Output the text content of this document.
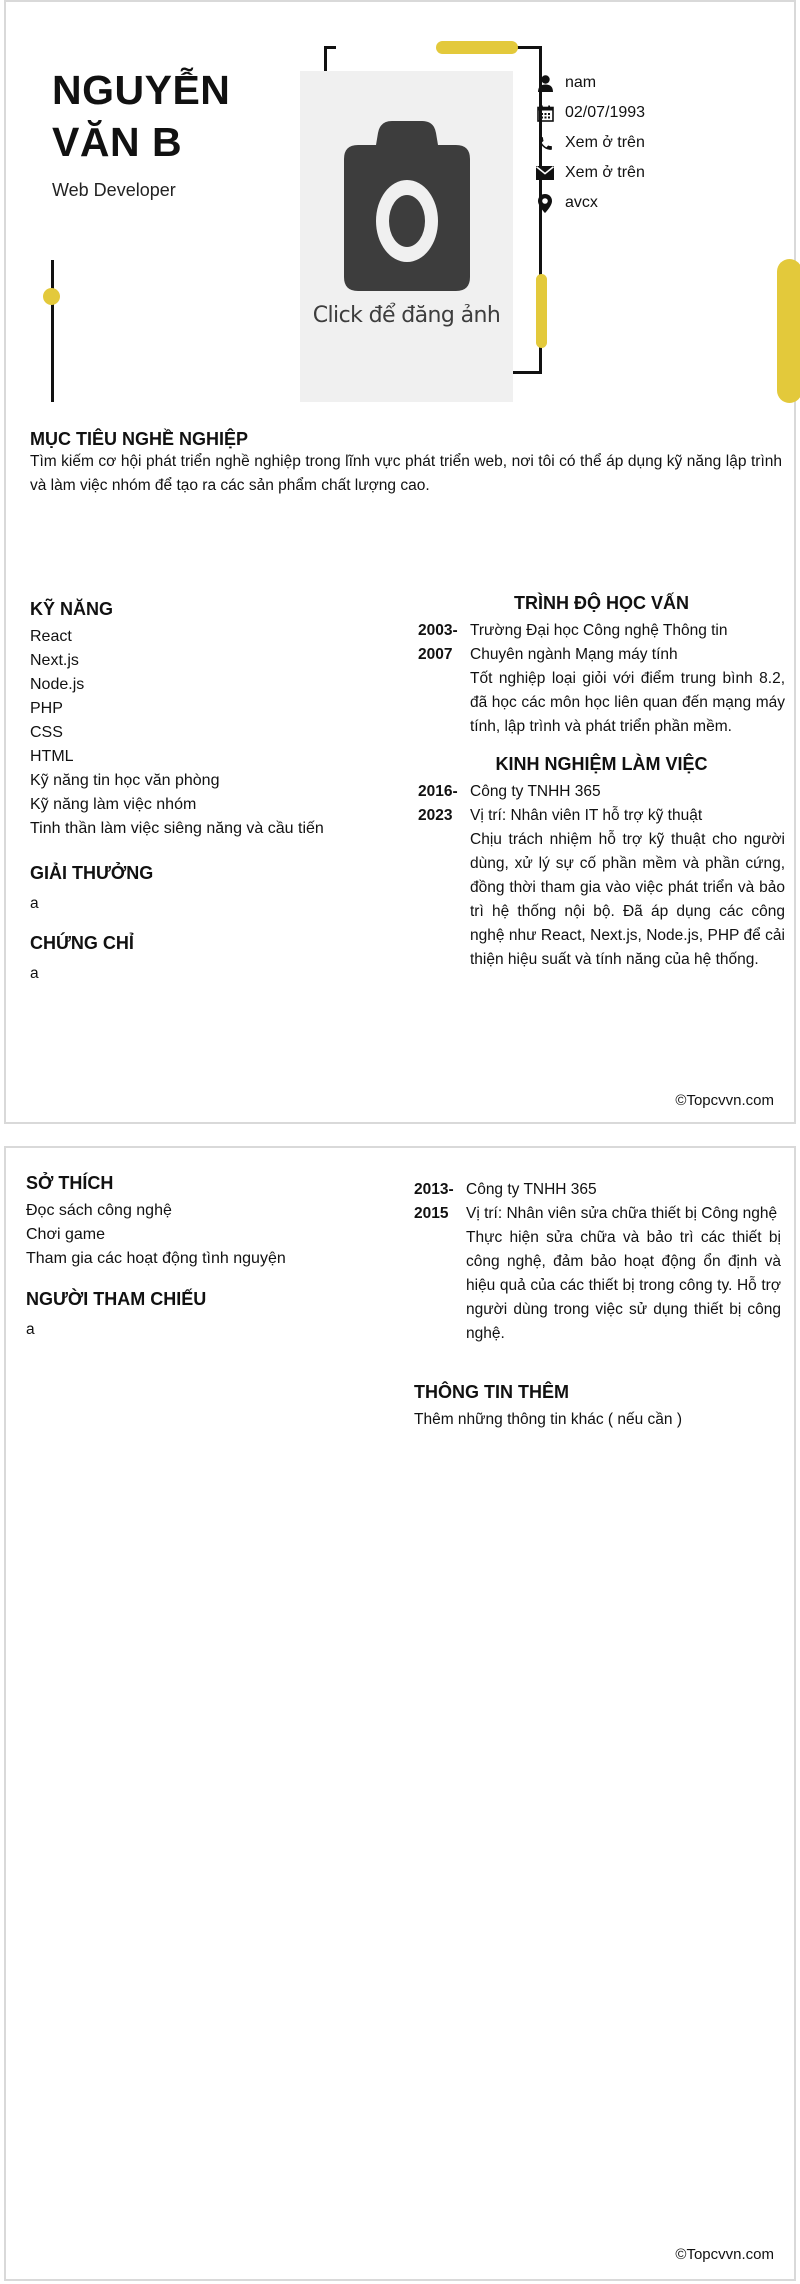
NGUYỄN
VĂN B
Web Developer
Click để đăng ảnh
nam
02/07/1993
Xem ở trên
Xem ở trên
avcx
MỤC TIÊU NGHỀ NGHIỆP
Tìm kiếm cơ hội phát triển nghề nghiệp trong lĩnh vực phát triển web, nơi tôi có thể áp dụng kỹ năng lập trình và làm việc nhóm để tạo ra các sản phẩm chất lượng cao.
KỸ NĂNG
React
Next.js
Node.js
PHP
CSS
HTML
Kỹ năng tin học văn phòng
Kỹ năng làm việc nhóm
Tinh thần làm việc siêng năng và cầu tiến
GIẢI THƯỞNG
a
CHỨNG CHỈ
a
TRÌNH ĐỘ HỌC VẤN
2003-
2007
Trường Đại học Công nghệ Thông tin
Chuyên ngành Mạng máy tính
Tốt nghiệp loại giỏi với điểm trung bình 8.2, đã học các môn học liên quan đến mạng máy tính, lập trình và phát triển phần mềm.
KINH NGHIỆM LÀM VIỆC
2016-
2023
Công ty TNHH 365
Vị trí: Nhân viên IT hỗ trợ kỹ thuật
Chịu trách nhiệm hỗ trợ kỹ thuật cho người dùng, xử lý sự cố phần mềm và phần cứng, đồng thời tham gia vào việc phát triển và bảo trì hệ thống nội bộ. Đã áp dụng các công nghệ như React, Next.js, Node.js, PHP để cải thiện hiệu suất và tính năng của hệ thống.
©Topcvvn.com
SỞ THÍCH
Đọc sách công nghệ
Chơi game
Tham gia các hoạt động tình nguyện
NGƯỜI THAM CHIẾU
a
2013-
2015
Công ty TNHH 365
Vị trí: Nhân viên sửa chữa thiết bị Công nghệ
Thực hiện sửa chữa và bảo trì các thiết bị công nghệ, đảm bảo hoạt động ổn định và hiệu quả của các thiết bị trong công ty. Hỗ trợ người dùng trong việc sử dụng thiết bị công nghệ.
THÔNG TIN THÊM
Thêm những thông tin khác ( nếu cần )
©Topcvvn.com
